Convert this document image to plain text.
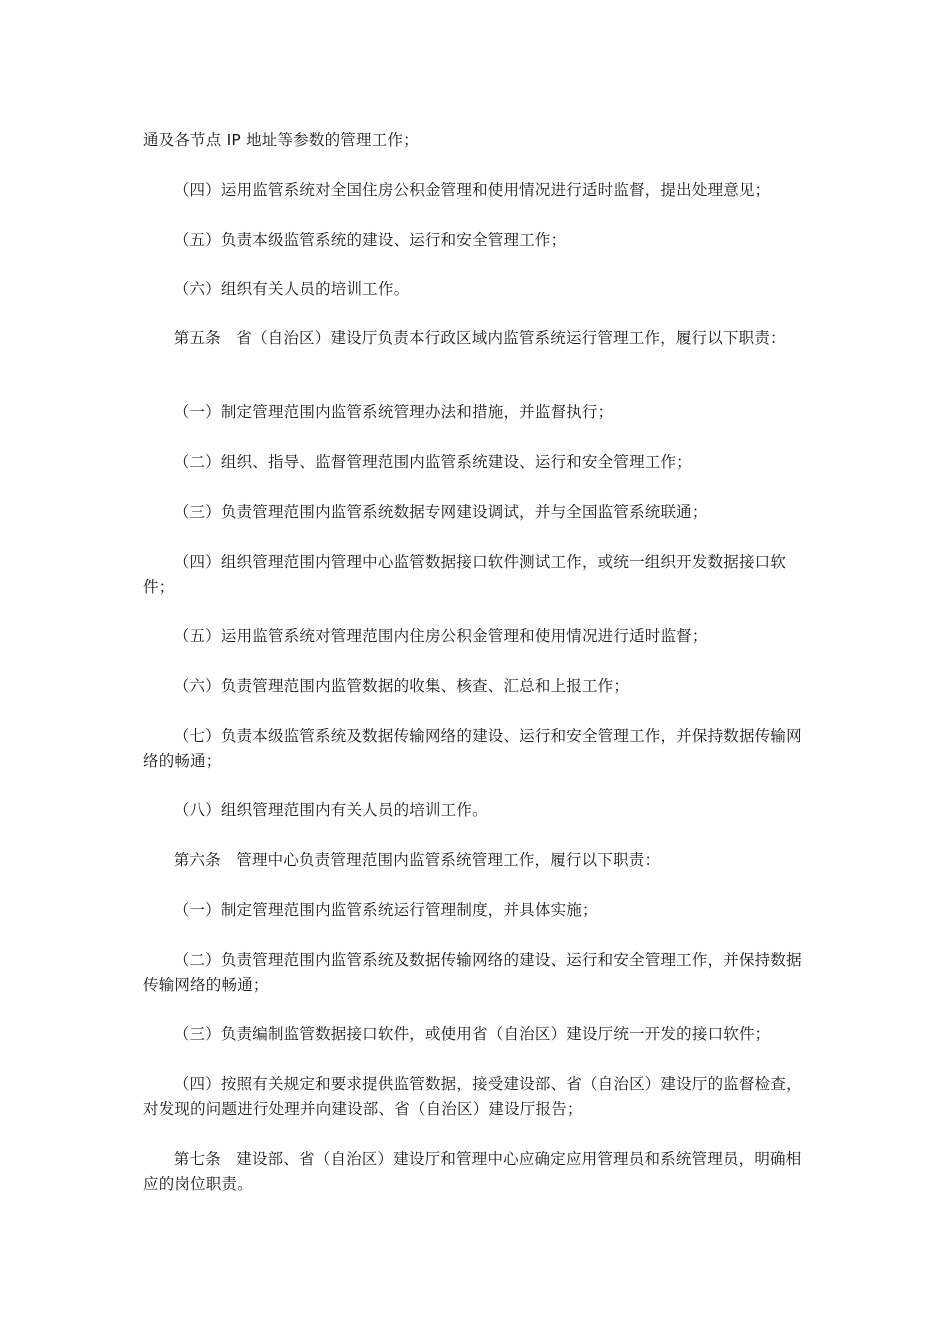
通及各节点 IP 地址等参数的管理工作；
（四）运用监管系统对全国住房公积金管理和使用情况进行适时监督，提出处理意见；
（五）负责本级监管系统的建设、运行和安全管理工作；
（六）组织有关人员的培训工作。
第五条   省（自治区）建设厅负责本行政区域内监管系统运行管理工作，履行以下职责：
（一）制定管理范围内监管系统管理办法和措施，并监督执行；
（二）组织、指导、监督管理范围内监管系统建设、运行和安全管理工作；
（三）负责管理范围内监管系统数据专网建设调试，并与全国监管系统联通；
（四）组织管理范围内管理中心监管数据接口软件测试工作，或统一组织开发数据接口软件；
（五）运用监管系统对管理范围内住房公积金管理和使用情况进行适时监督；
（六）负责管理范围内监管数据的收集、核查、汇总和上报工作；
（七）负责本级监管系统及数据传输网络的建设、运行和安全管理工作，并保持数据传输网络的畅通；
（八）组织管理范围内有关人员的培训工作。
第六条   管理中心负责管理范围内监管系统管理工作，履行以下职责：
（一）制定管理范围内监管系统运行管理制度，并具体实施；
（二）负责管理范围内监管系统及数据传输网络的建设、运行和安全管理工作，并保持数据传输网络的畅通；
（三）负责编制监管数据接口软件，或使用省（自治区）建设厅统一开发的接口软件；
（四）按照有关规定和要求提供监管数据，接受建设部、省（自治区）建设厅的监督检查，对发现的问题进行处理并向建设部、省（自治区）建设厅报告；
第七条   建设部、省（自治区）建设厅和管理中心应确定应用管理员和系统管理员，明确相应的岗位职责。
